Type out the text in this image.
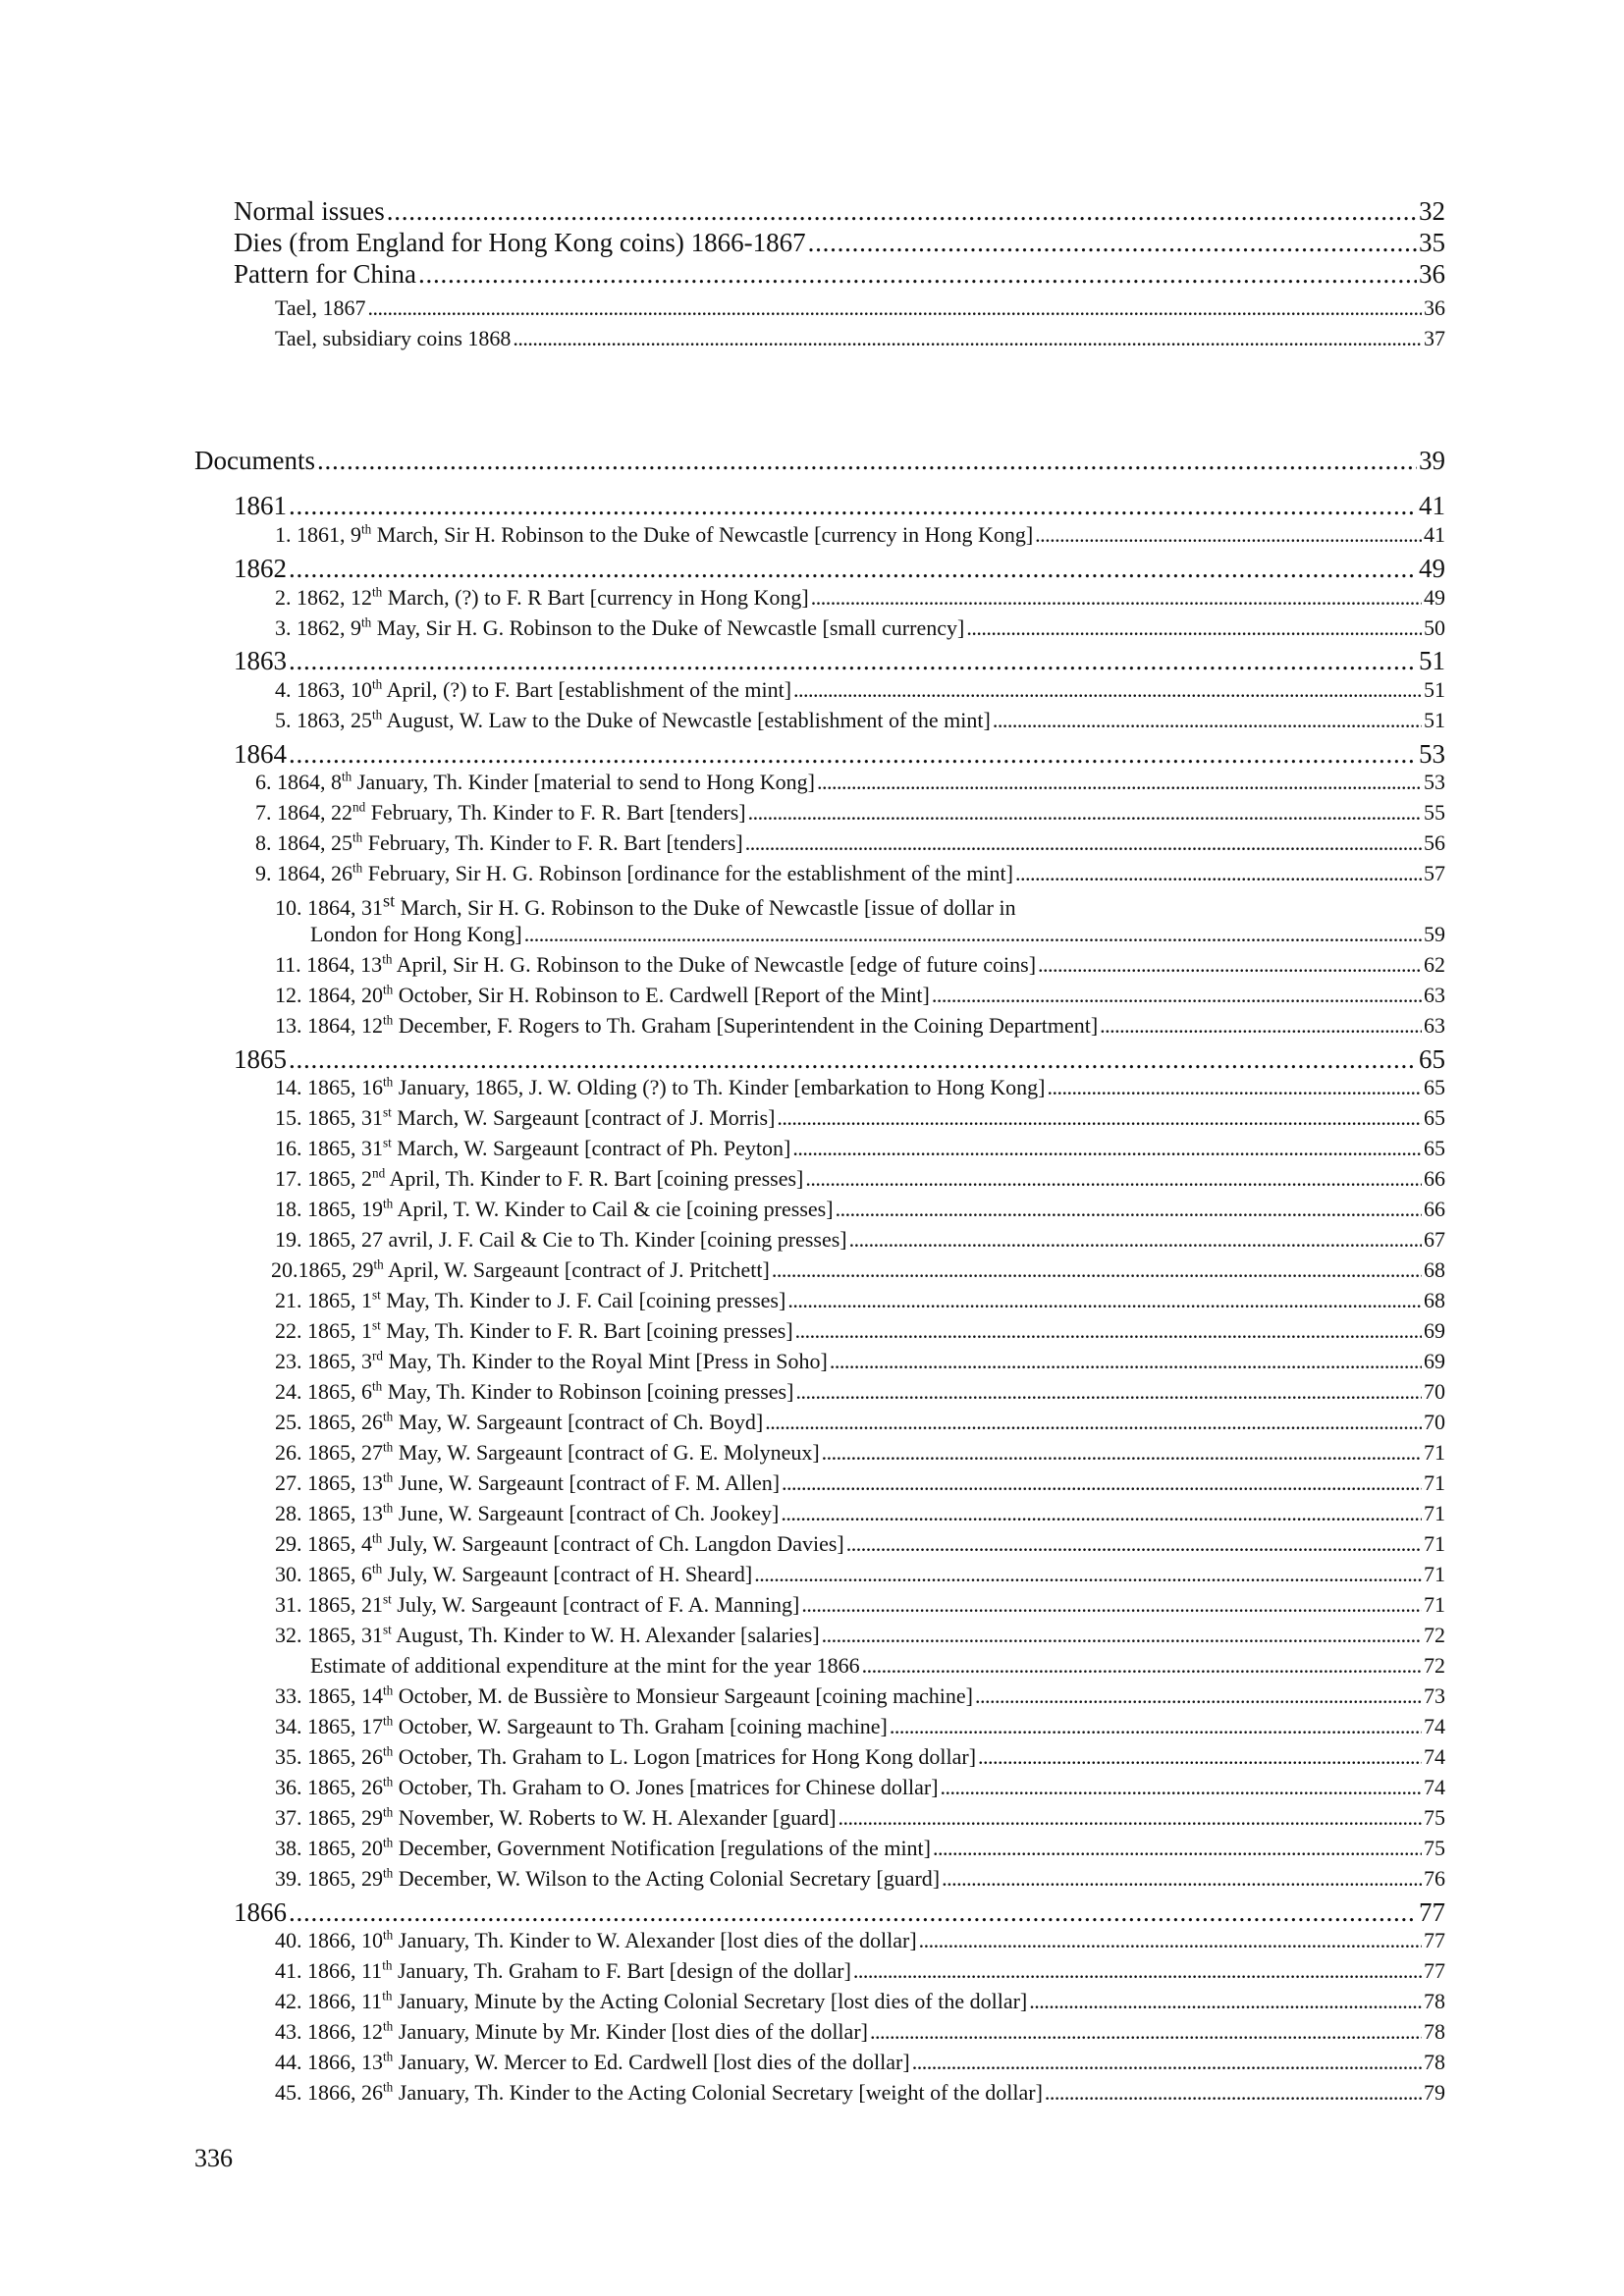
Normal issues . . .	32
Dies (from England for Hong Kong coins) 1866-1867 . . .	35
Pattern for China . . .	36
Tael, 1867 . . .	36
Tael, subsidiary coins 1868 . . .	37
Documents . . .	39
1861 . . .	41
1. 1861, 9th March, Sir H. Robinson to the Duke of Newcastle [currency in Hong Kong] . . .	41
1862 . . .	49
2. 1862, 12th March, (?) to F. R Bart [currency in Hong Kong] . . .	49
3. 1862, 9th May, Sir H. G. Robinson to the Duke of Newcastle [small currency] . . .	50
1863 . . .	51
4. 1863, 10th April, (?) to F. Bart [establishment of the mint] . . .	51
5. 1863, 25th August, W. Law to the Duke of Newcastle [establishment of the mint] . . .	51
1864 . . .	53
6. 1864, 8th January, Th. Kinder [material to send to Hong Kong] . . .	53
7. 1864, 22nd February, Th. Kinder to F. R. Bart [tenders] . . .	55
8. 1864, 25th February, Th. Kinder to F. R. Bart [tenders] . . .	56
9. 1864, 26th February, Sir H. G. Robinson [ordinance for the establishment of the mint] . . .	57
10. 1864, 31st March, Sir H. G. Robinson to the Duke of Newcastle [issue of dollar in
London for Hong Kong] . . .	59
11. 1864, 13th April, Sir H. G. Robinson to the Duke of Newcastle [edge of future coins] . . .	62
12. 1864, 20th October, Sir H. Robinson to E. Cardwell [Report of the Mint] . . .	63
13. 1864, 12th December, F. Rogers to Th. Graham [Superintendent in the Coining Department] . . .	63
1865 . . .	65
14. 1865, 16th January, 1865, J. W. Olding (?) to Th. Kinder [embarkation to Hong Kong] . . .	65
15. 1865, 31st March, W. Sargeaunt [contract of J. Morris] . . .	65
16. 1865, 31st March, W. Sargeaunt [contract of Ph. Peyton] . . .	65
17. 1865, 2nd April, Th. Kinder to F. R. Bart [coining presses] . . .	66
18. 1865, 19th April, T. W. Kinder to Cail & cie [coining presses] . . .	66
19. 1865, 27 avril, J. F. Cail & Cie to Th. Kinder [coining presses] . . .	67
20.1865, 29th April, W. Sargeaunt [contract of J. Pritchett] . . .	68
21. 1865, 1st May, Th. Kinder to J. F. Cail [coining presses] . . .	68
22. 1865, 1st May, Th. Kinder to F. R. Bart [coining presses] . . .	69
23. 1865, 3rd May, Th. Kinder to the Royal Mint [Press in Soho] . . .	69
24. 1865, 6th May, Th. Kinder to Robinson [coining presses] . . .	70
25. 1865, 26th May, W. Sargeaunt [contract of Ch. Boyd] . . .	70
26. 1865, 27th May, W. Sargeaunt [contract of G. E. Molyneux] . . .	71
27. 1865, 13th June, W. Sargeaunt [contract of F. M. Allen] . . .	71
28. 1865, 13th June, W. Sargeaunt [contract of Ch. Jookey] . . .	71
29. 1865, 4th July, W. Sargeaunt [contract of Ch. Langdon Davies] . . .	71
30. 1865, 6th July, W. Sargeaunt [contract of H. Sheard] . . .	71
31. 1865, 21st July, W. Sargeaunt [contract of F. A. Manning] . . .	71
32. 1865, 31st August, Th. Kinder to W. H. Alexander [salaries] . . .	72
Estimate of additional expenditure at the mint for the year 1866 . . .	72
33. 1865, 14th October, M. de Bussière to Monsieur Sargeaunt [coining machine] . . .	73
34. 1865, 17th October, W. Sargeaunt to Th. Graham [coining machine] . . .	74
35. 1865, 26th October, Th. Graham to L. Logon [matrices for Hong Kong dollar] . . .	74
36. 1865, 26th October, Th. Graham to O. Jones [matrices for Chinese dollar] . . .	74
37. 1865, 29th November, W. Roberts to W. H. Alexander [guard] . . .	75
38. 1865, 20th December, Government Notification [regulations of the mint] . . .	75
39. 1865, 29th December, W. Wilson to the Acting Colonial Secretary [guard] . . .	76
1866 . . .	77
40. 1866, 10th January, Th. Kinder to W. Alexander [lost dies of the dollar] . . .	77
41. 1866, 11th January, Th. Graham to F. Bart [design of the dollar] . . .	77
42. 1866, 11th January, Minute by the Acting Colonial Secretary [lost dies of the dollar] . . .	78
43. 1866, 12th January, Minute by Mr. Kinder [lost dies of the dollar] . . .	78
44. 1866, 13th January, W. Mercer to Ed. Cardwell [lost dies of the dollar] . . .	78
45. 1866, 26th January, Th. Kinder to the Acting Colonial Secretary [weight of the dollar] . . .	79
336
